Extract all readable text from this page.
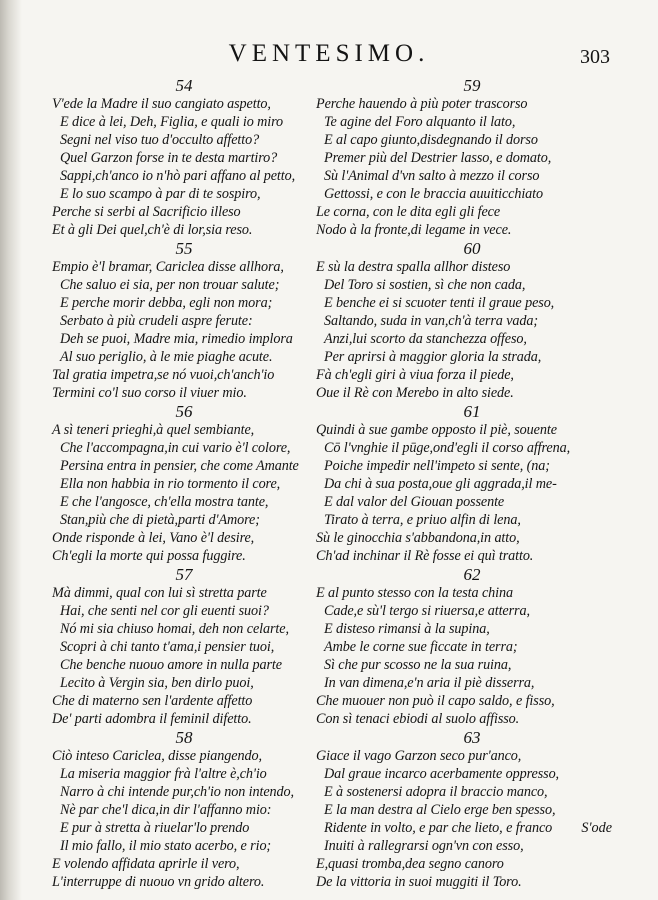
VENTESIMO.	303
54
V'ede la Madre il suo cangiato aspetto,
E dice à lei, Deh, Figlia, e quali io miro
Segni nel viso tuo d'occulto affetto?
Quel Garzon forse in te desta martiro?
Sappi,ch'anco io n'hò pari affano al petto,
E lo suo scampo à par di te sospiro,
Perche si serbi al Sacrificio illeso
Et à gli Dei quel,ch'è di lor,sia reso.
55
Empio è'l bramar, Cariclea disse allhora,
Che saluo ei sia, per non trouar salute;
E perche morir debba, egli non mora;
Serbato à più crudeli aspre ferute:
Deh se puoi, Madre mia, rimedio implora
Al suo periglio, à le mie piaghe acute.
Tal gratia impetra,se nó vuoi,ch'anch'io
Termini co'l suo corso il viuer mio.
56
A sì teneri prieghi,à quel sembiante,
Che l'accompagna,in cui vario è'l colore,
Persina entra in pensier, che come Amante
Ella non habbia in rio tormento il core,
E che l'angosce, ch'ella mostra tante,
Stan,più che di pietà,parti d'Amore;
Onde risponde à lei, Vano è'l desire,
Ch'egli la morte qui possa fuggire.
57
Mà dimmi, qual con lui sì stretta parte
Hai, che senti nel cor gli euenti suoi?
Nó mi sia chiuso homai, deh non celarte,
Scopri à chi tanto t'ama,i pensier tuoi,
Che benche nuouo amore in nulla parte
Lecito à Vergin sia, ben dirlo puoi,
Che di materno sen l'ardente affetto
De' parti adombra il feminil difetto.
58
Ciò inteso Cariclea, disse piangendo,
La miseria maggior frà l'altre è,ch'io
Narro à chi intende pur,ch'io non intendo,
Nè par che'l dica,in dir l'affanno mio:
E pur à stretta à riuelar'lo prendo
Il mio fallo, il mio stato acerbo, e rio;
E volendo affidata aprirle il vero,
L'interruppe di nuouo vn grido altero.
59
Perche hauendo à più poter trascorso
Te agine del Foro alquanto il lato,
E al capo giunto,disdegnando il dorso
Premer più del Destrier lasso, e domato,
Sù l'Animal d'vn salto à mezzo il corso
Gettossi, e con le braccia auuiticchiato
Le corna, con le dita egli gli fece
Nodo à la fronte,di legame in vece.
60
E sù la destra spalla allhor disteso
Del Toro si sostien, sì che non cada,
E benche ei si scuoter tenti il graue peso,
Saltando, suda in van,ch'à terra vada;
Anzi,lui scorto da stanchezza offeso,
Per aprirsi à maggior gloria la strada,
Fà ch'egli giri à viua forza il piede,
Oue il Rè con Merebo in alto siede.
61
Quindi à sue gambe opposto il piè, souente
Cō l'vnghie il pūge,ond'egli il corso affrena,
Poiche impedir nell'impeto si sente, (na;
Da chi à sua posta,oue gli aggrada,il me-
E dal valor del Giouan possente
Tirato à terra, e priuo alfin di lena,
Sù le ginocchia s'abbandona,in atto,
Ch'ad inchinar il Rè fosse ei quì tratto.
62
E al punto stesso con la testa china
Cade,e sù'l tergo si riuersa,e atterra,
E disteso rimansi à la supina,
Ambe le corne sue ficcate in terra;
Sì che pur scosso ne la sua ruina,
In van dimena,e'n aria il piè disserra,
Che muouer non può il capo saldo, e fisso,
Con sì tenaci ebiodi al suolo affisso.
63
Giace il vago Garzon seco pur'anco,
Dal graue incarco acerbamente oppresso,
E à sostenersi adopra il braccio manco,
E la man destra al Cielo erge ben spesso,
Ridente in volto, e par che lieto, e franco
Inuiti à rallegrarsi ogn'vn con esso,
E,quasi tromba,dea segno canoro
De la vittoria in suoi muggiti il Toro.
S'ode
